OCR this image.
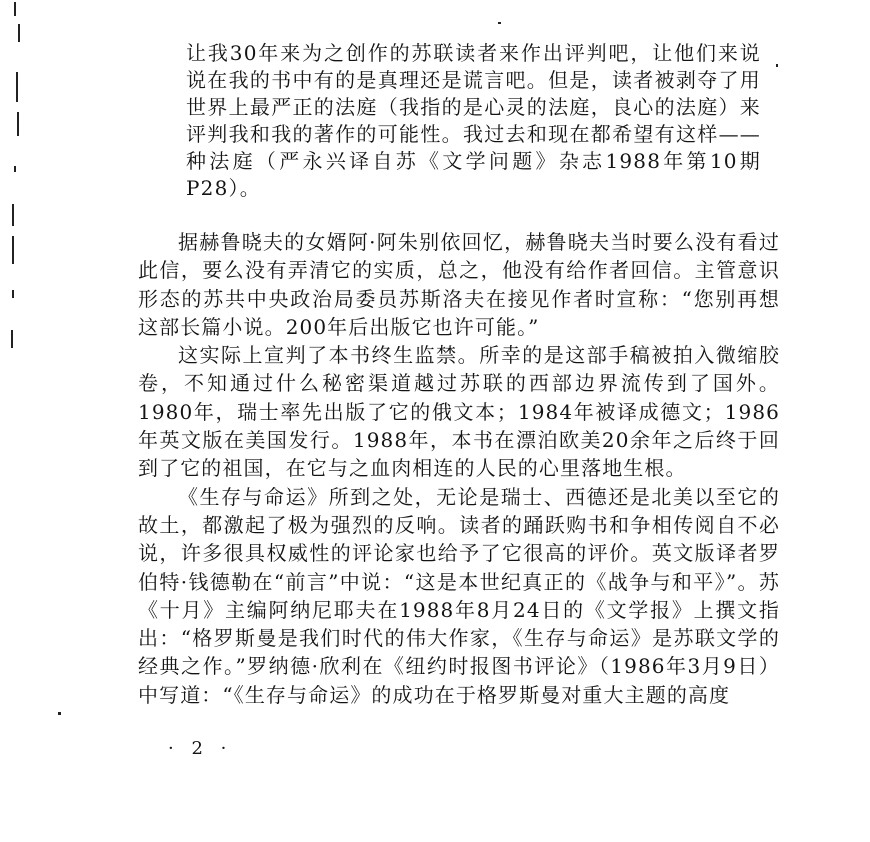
让我30年来为之创作的苏联读者来作出评判吧，让他们来说说在我的书中有的是真理还是谎言吧。但是，读者被剥夺了用世界上最严正的法庭（我指的是心灵的法庭，良心的法庭）来评判我和我的著作的可能性。我过去和现在都希望有这样——种法庭（严永兴译自苏《文学问题》杂志1988年第10期P28）。

据赫鲁晓夫的女婿阿·阿朱别依回忆，赫鲁晓夫当时要么没有看过此信，要么没有弄清它的实质，总之，他没有给作者回信。主管意识形态的苏共中央政治局委员苏斯洛夫在接见作者时宣称：“您别再想这部长篇小说。200年后出版它也许可能。”

这实际上宣判了本书终生监禁。所幸的是这部手稿被拍入微缩胶卷，不知通过什么秘密渠道越过苏联的西部边界流传到了国外。1980年，瑞士率先出版了它的俄文本；1984年被译成德文；1986年英文版在美国发行。1988年，本书在漂泊欧美20余年之后终于回到了它的祖国，在它与之血肉相连的人民的心里落地生根。

《生存与命运》所到之处，无论是瑞士、西德还是北美以至它的故土，都激起了极为强烈的反响。读者的踊跃购书和争相传阅自不必说，许多很具权威性的评论家也给予了它很高的评价。英文版译者罗伯特·钱德勒在“前言”中说：“这是本世纪真正的《战争与和平》”。苏《十月》主编阿纳尼耶夫在1988年8月24日的《文学报》上撰文指出：“格罗斯曼是我们时代的伟大作家，《生存与命运》是苏联文学的经典之作。”罗纳德·欣利在《纽约时报图书评论》（1986年3月9日）中写道：“《生存与命运》的成功在于格罗斯曼对重大主题的高度

· 2 ·
